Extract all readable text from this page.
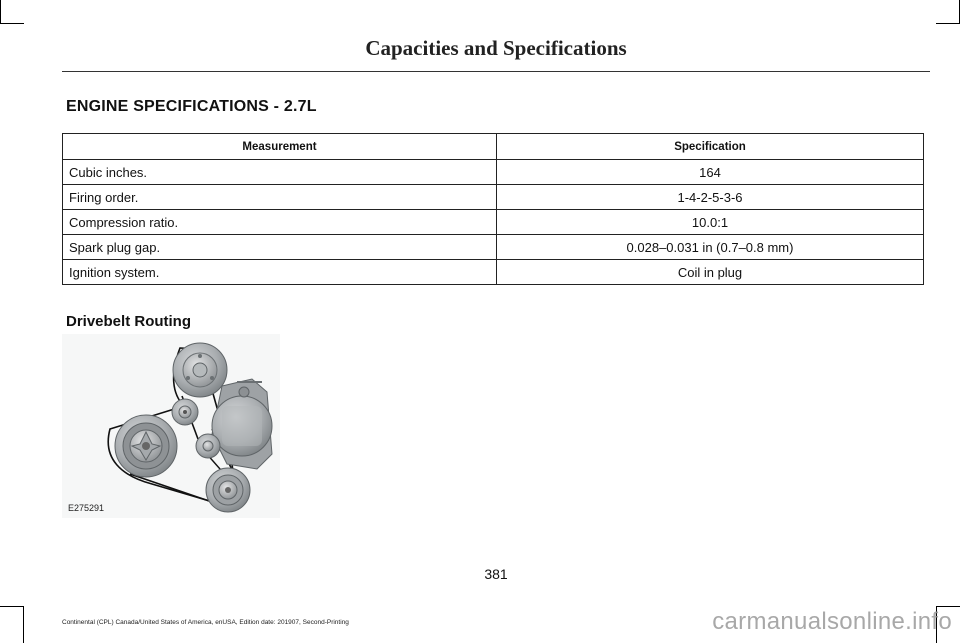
Capacities and Specifications
ENGINE SPECIFICATIONS - 2.7L
Measurement	Specification
Cubic inches.	164
Firing order.	1-4-2-5-3-6
Compression ratio.	10.0:1
Spark plug gap.	0.028–0.031 in (0.7–0.8 mm)
Ignition system.	Coil in plug
Drivebelt Routing
E275291
381
Continental (CPL) Canada/United States of America, enUSA, Edition date: 201907, Second-Printing	carmanualsonline.info
